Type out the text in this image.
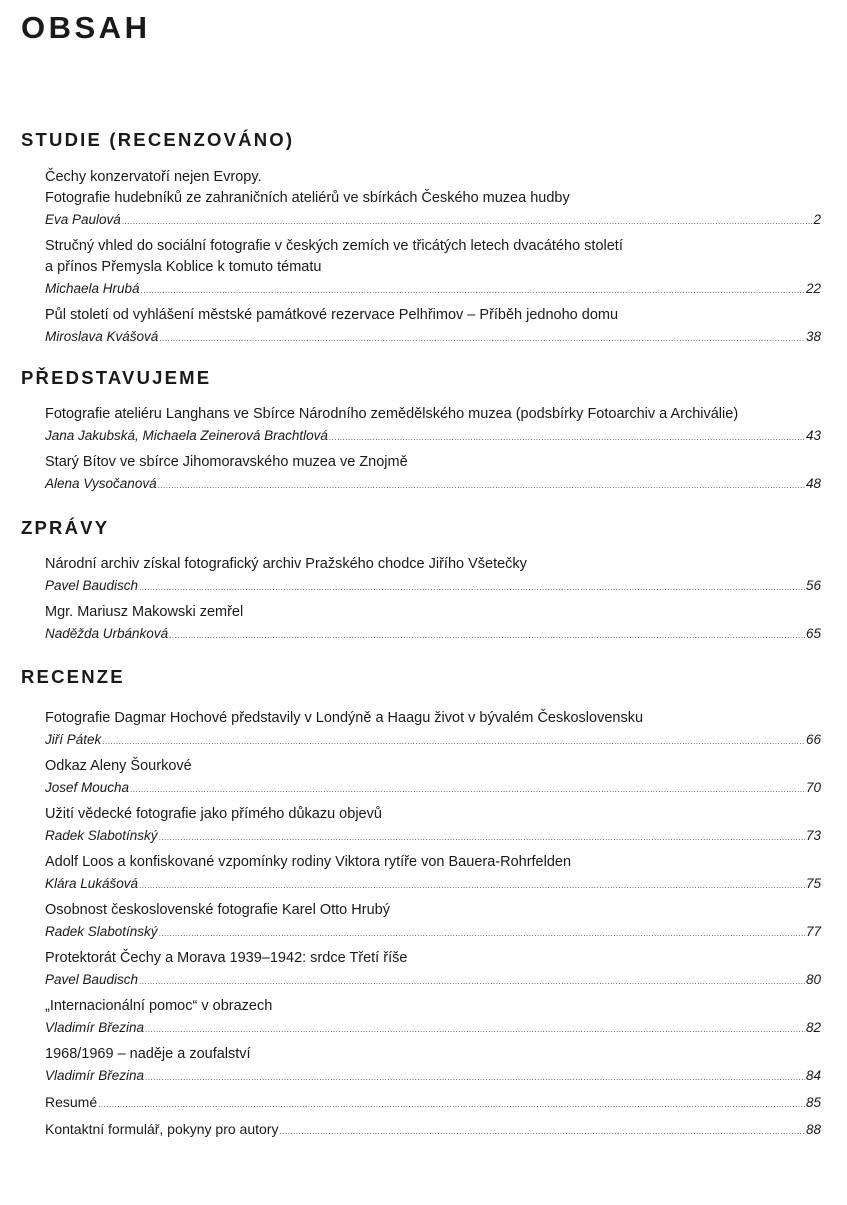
OBSAH
STUDIE (RECENZOVÁNO)
Čechy konzervatoří nejen Evropy.
Fotografie hudebníků ze zahraničních ateliérů ve sbírkách Českého muzea hudby
Eva Paulová .....	2
Stručný vhled do sociální fotografie v českých zemích ve třicátých letech dvacátého století
a přínos Přemysla Koblice k tomuto tématu
Michaela Hrubá .....	22
Půl století od vyhlášení městské památkové rezervace Pelhřimov – Příběh jednoho domu
Miroslava Kvášová .....	38
PŘEDSTAVUJEME
Fotografie ateliéru Langhans ve Sbírce Národního zemědělského muzea (podsbírky Fotoarchiv a Archiválie)
Jana Jakubská, Michaela Zeinerová Brachtlová .....	43
Starý Bítov ve sbírce Jihomoravského muzea ve Znojmě
Alena Vysočanová .....	48
ZPRÁVY
Národní archiv získal fotografický archiv Pražského chodce Jiřího Všetečky
Pavel Baudisch .....	56
Mgr. Mariusz Makowski zemřel
Naděžda Urbánková .....	65
RECENZE
Fotografie Dagmar Hochové představily v Londýně a Haagu život v bývalém Československu
Jiří Pátek .....	66
Odkaz Aleny Šourkové
Josef Moucha .....	70
Užití vědecké fotografie jako přímého důkazu objevů
Radek Slabotínský .....	73
Adolf Loos a konfiskované vzpomínky rodiny Viktora rytíře von Bauera-Rohrfelden
Klára Lukášová .....	75
Osobnost československé fotografie Karel Otto Hrubý
Radek Slabotínský .....	77
Protektorát Čechy a Morava 1939–1942: srdce Třetí říše
Pavel Baudisch .....	80
„Internacionální pomoc“ v obrazech
Vladimír Březina .....	82
1968/1969 – naděje a zoufalství
Vladimír Březina .....	84
Resumé .....	85
Kontaktní formulář, pokyny pro autory .....	88
